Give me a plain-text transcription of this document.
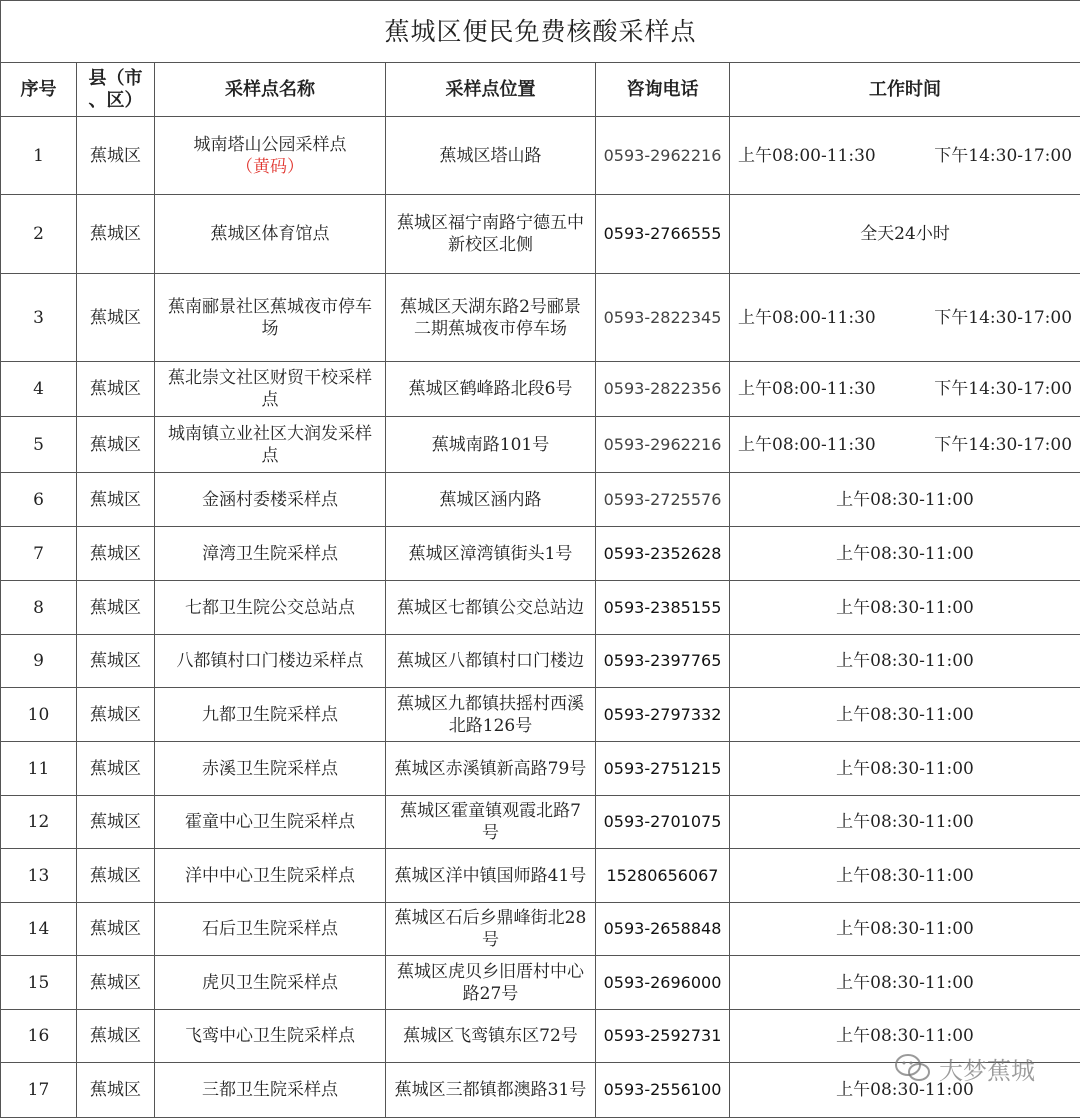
蕉城区便民免费核酸采样点					
序号	县（市
、区）	采样点名称	采样点位置	咨询电话	工作时间
1	蕉城区	城南塔山公园采样点
（黄码）	蕉城区塔山路	0593-2962216	上午08:00-11:30 下午14:30-17:00

2	蕉城区	蕉城区体育馆点	蕉城区福宁南路宁德五中
新校区北侧	0593-2766555	全天24小时
3	蕉城区	蕉南郦景社区蕉城夜市停车
场	蕉城区天湖东路2号郦景
二期蕉城夜市停车场	0593-2822345	上午08:00-11:30 下午14:30-17:00

4	蕉城区	蕉北崇文社区财贸干校采样
点	蕉城区鹤峰路北段6号	0593-2822356	上午08:00-11:30 下午14:30-17:00

5	蕉城区	城南镇立业社区大润发采样
点	蕉城南路101号	0593-2962216	上午08:00-11:30 下午14:30-17:00

6	蕉城区	金涵村委楼采样点	蕉城区涵内路	0593-2725576	上午08:30-11:00
7	蕉城区	漳湾卫生院采样点	蕉城区漳湾镇街头1号	0593-2352628	上午08:30-11:00
8	蕉城区	七都卫生院公交总站点	蕉城区七都镇公交总站边	0593-2385155	上午08:30-11:00
9	蕉城区	八都镇村口门楼边采样点	蕉城区八都镇村口门楼边	0593-2397765	上午08:30-11:00
10	蕉城区	九都卫生院采样点	蕉城区九都镇扶摇村西溪
北路126号	0593-2797332	上午08:30-11:00
11	蕉城区	赤溪卫生院采样点	蕉城区赤溪镇新高路79号	0593-2751215	上午08:30-11:00
12	蕉城区	霍童中心卫生院采样点	蕉城区霍童镇观霞北路7
号	0593-2701075	上午08:30-11:00
13	蕉城区	洋中中心卫生院采样点	蕉城区洋中镇国师路41号	15280656067	上午08:30-11:00
14	蕉城区	石后卫生院采样点	蕉城区石后乡鼎峰街北28
号	0593-2658848	上午08:30-11:00
15	蕉城区	虎贝卫生院采样点	蕉城区虎贝乡旧厝村中心
路27号	0593-2696000	上午08:30-11:00
16	蕉城区	飞鸾中心卫生院采样点	蕉城区飞鸾镇东区72号	0593-2592731	上午08:30-11:00
17	蕉城区	三都卫生院采样点	蕉城区三都镇都澳路31号	0593-2556100	上午08:30-11:00
大梦蕉城
